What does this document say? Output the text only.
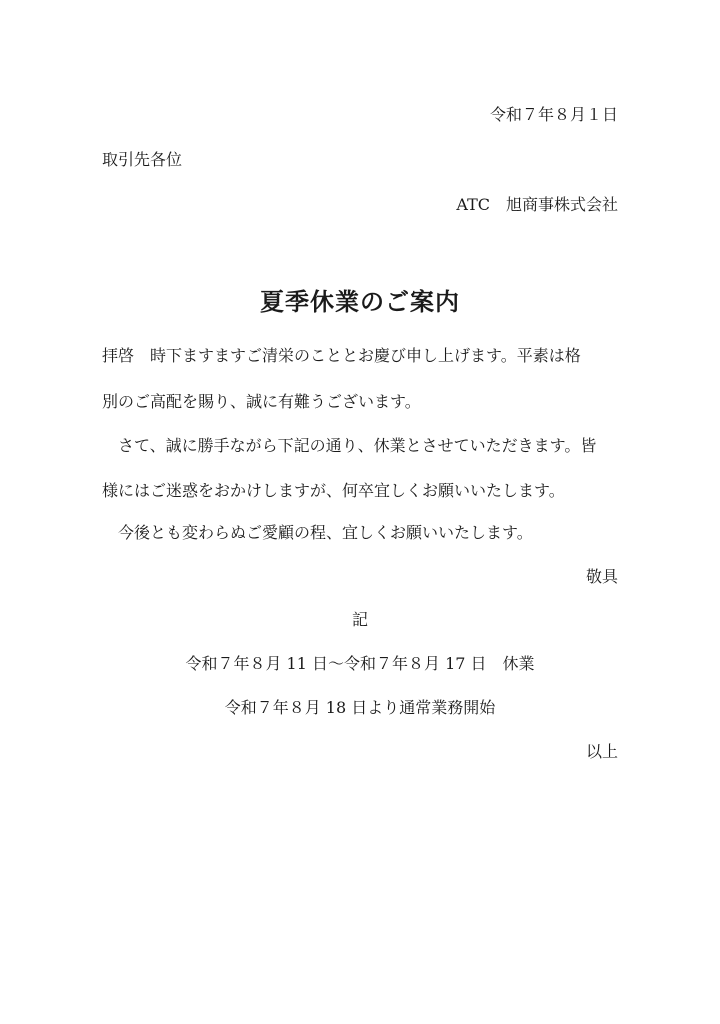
令和７年８月１日
取引先各位
ATC　旭商事株式会社
夏季休業のご案内
拝啓　時下ますますご清栄のこととお慶び申し上げます。平素は格
別のご高配を賜り、誠に有難うございます。
　さて、誠に勝手ながら下記の通り、休業とさせていただきます。皆
様にはご迷惑をおかけしますが、何卒宜しくお願いいたします。
　今後とも変わらぬご愛顧の程、宜しくお願いいたします。
敬具
記
令和７年８月 11 日～令和７年８月 17 日　休業
令和７年８月 18 日より通常業務開始
以上
